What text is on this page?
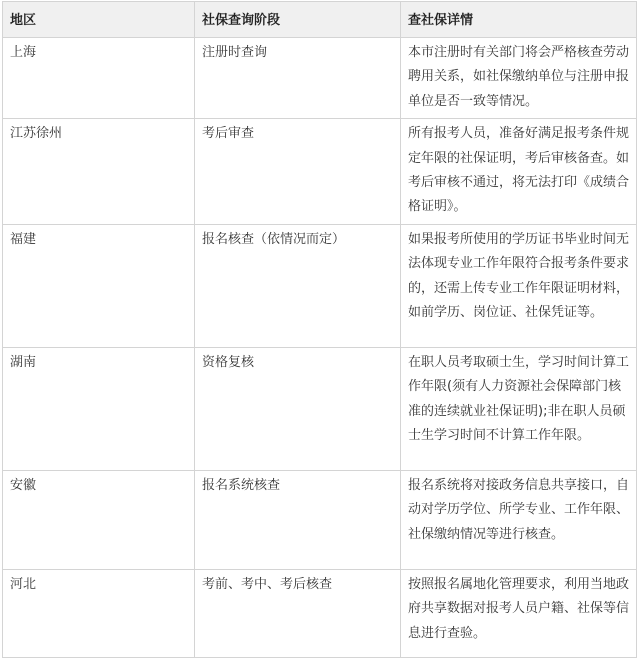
地区	社保查询阶段	查社保详情
上海	注册时查询	本市注册时有关部门将会严格核查劳动聘用关系，如社保缴纳单位与注册申报单位是否一致等情况。
江苏徐州	考后审查	所有报考人员，准备好满足报考条件规定年限的社保证明，考后审核备查。如考后审核不通过，将无法打印《成绩合格证明》。
福建	报名核查（依情况而定）	如果报考所使用的学历证书毕业时间无法体现专业工作年限符合报考条件要求的，还需上传专业工作年限证明材料，如前学历、岗位证、社保凭证等。
湖南	资格复核	在职人员考取硕士生，学习时间计算工作年限(须有人力资源社会保障部门核准的连续就业社保证明);非在职人员硕士生学习时间不计算工作年限。
安徽	报名系统核查	报名系统将对接政务信息共享接口，自动对学历学位、所学专业、工作年限、社保缴纳情况等进行核查。
河北	考前、考中、考后核查	按照报名属地化管理要求，利用当地政府共享数据对报考人员户籍、社保等信息进行查验。
